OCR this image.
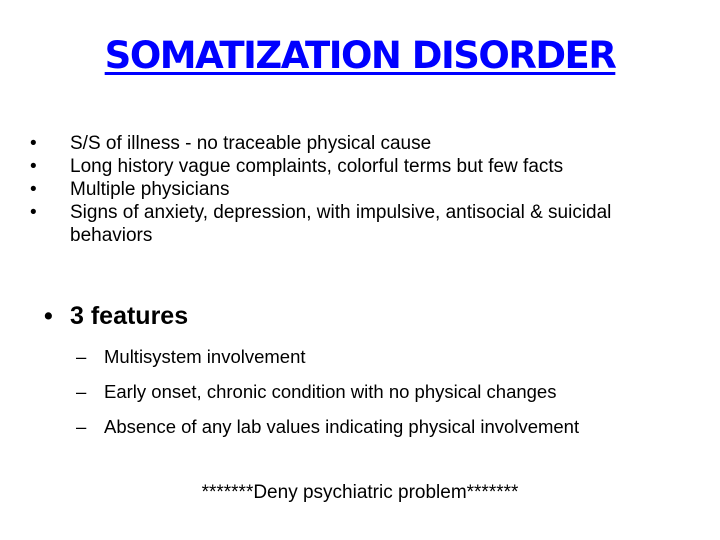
SOMATIZATION DISORDER
• S/S of illness - no traceable physical cause
• Long history vague complaints, colorful terms but few facts
• Multiple physicians
• Signs of anxiety, depression, with impulsive, antisocial & suicidal behaviors
• 3 features
– Multisystem involvement
– Early onset, chronic condition with no physical changes
– Absence of any lab values indicating physical involvement
*******Deny psychiatric problem*******
